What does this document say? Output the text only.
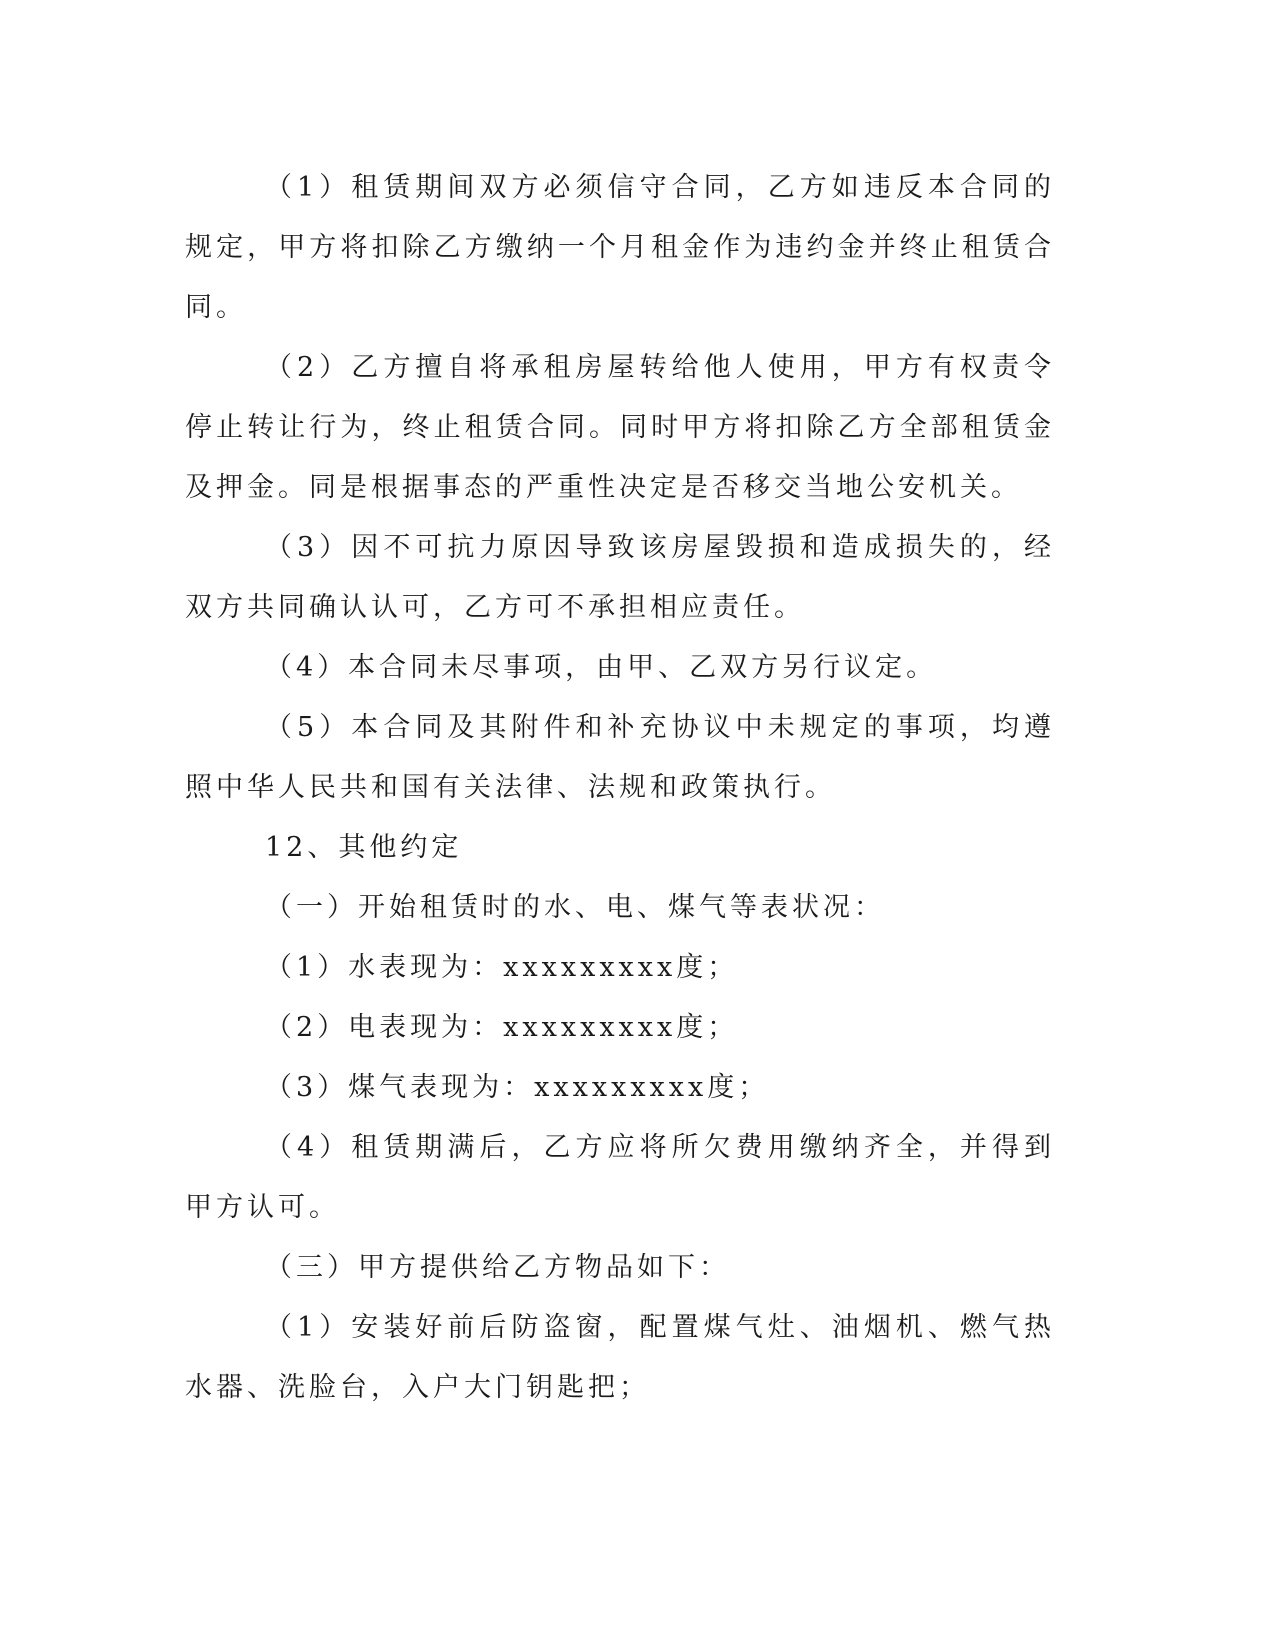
（1）租赁期间双方必须信守合同，乙方如违反本合同的规定，甲方将扣除乙方缴纳一个月租金作为违约金并终止租赁合同。

（2）乙方擅自将承租房屋转给他人使用，甲方有权责令停止转让行为，终止租赁合同。同时甲方将扣除乙方全部租赁金及押金。同是根据事态的严重性决定是否移交当地公安机关。

（3）因不可抗力原因导致该房屋毁损和造成损失的，经双方共同确认认可，乙方可不承担相应责任。

（4）本合同未尽事项，由甲、乙双方另行议定。

（5）本合同及其附件和补充协议中未规定的事项，均遵照中华人民共和国有关法律、法规和政策执行。

12、其他约定

（一）开始租赁时的水、电、煤气等表状况：

（1）水表现为：xxxxxxxxx度；

（2）电表现为：xxxxxxxxx度；

（3）煤气表现为：xxxxxxxxx度；

（4）租赁期满后，乙方应将所欠费用缴纳齐全，并得到甲方认可。

（三）甲方提供给乙方物品如下：

（1）安装好前后防盗窗，配置煤气灶、油烟机、燃气热水器、洗脸台，入户大门钥匙把；
